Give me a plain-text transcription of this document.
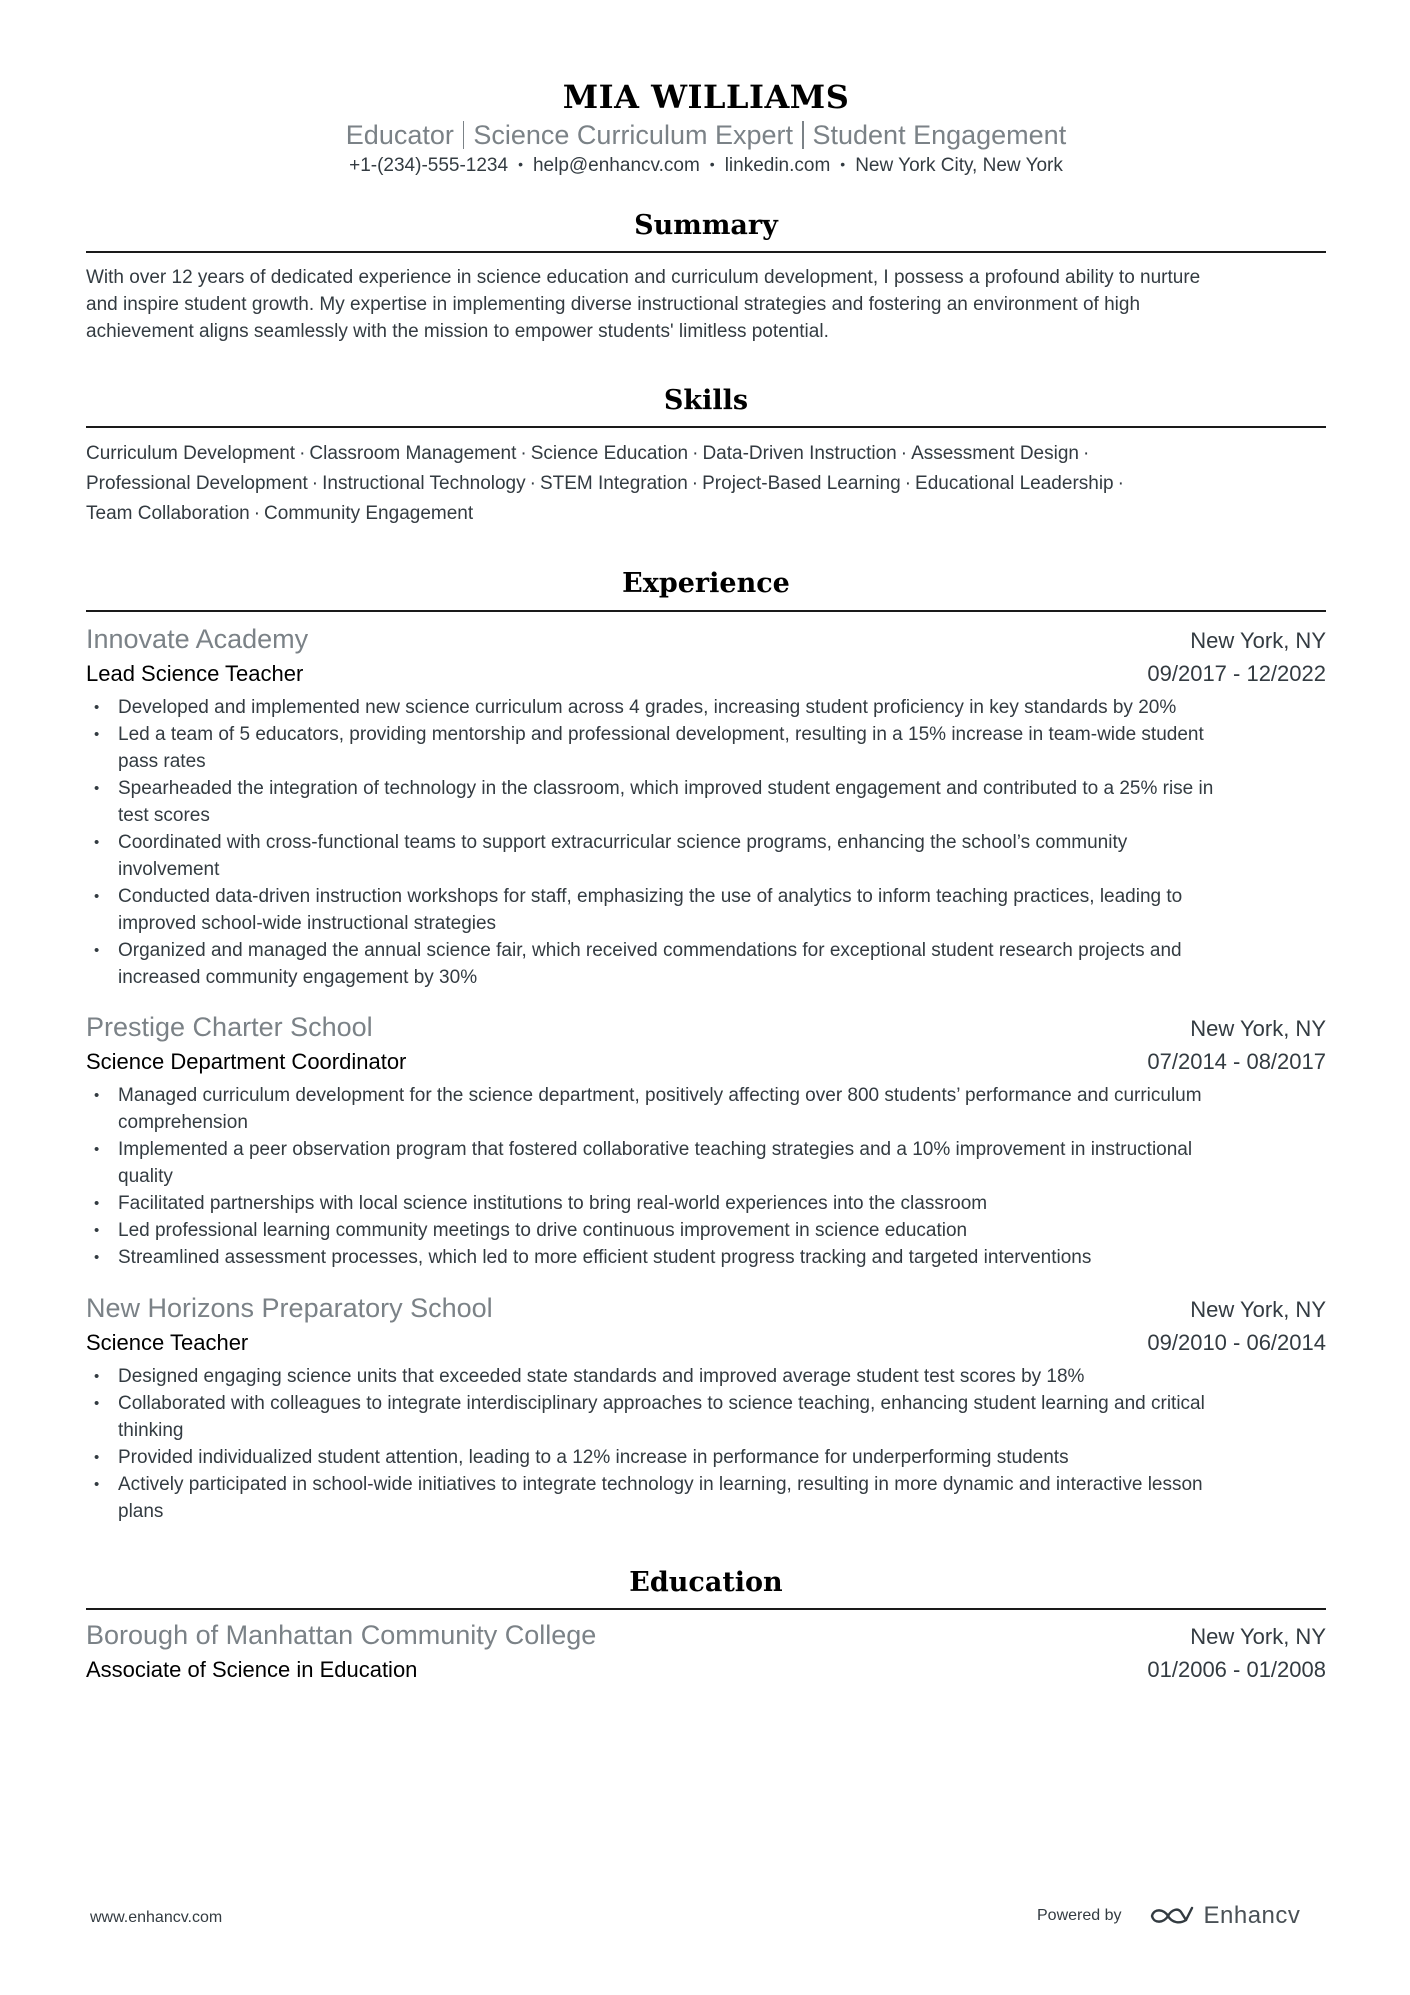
MIA WILLIAMS
Educator Science Curriculum Expert Student Engagement
+1-(234)-555-1234 • help@enhancv.com • linkedin.com • New York City, New York
Summary
With over 12 years of dedicated experience in science education and curriculum development, I possess a profound ability to nurture
and inspire student growth. My expertise in implementing diverse instructional strategies and fostering an environment of high
achievement aligns seamlessly with the mission to empower students' limitless potential.
Skills
Curriculum Development · Classroom Management · Science Education · Data-Driven Instruction · Assessment Design ·
Professional Development · Instructional Technology · STEM Integration · Project-Based Learning · Educational Leadership ·
Team Collaboration · Community Engagement
Experience
Innovate Academy	New York, NY
Lead Science Teacher	09/2017 - 12/2022
• Developed and implemented new science curriculum across 4 grades, increasing student proficiency in key standards by 20%
• Led a team of 5 educators, providing mentorship and professional development, resulting in a 15% increase in team-wide student
pass rates
• Spearheaded the integration of technology in the classroom, which improved student engagement and contributed to a 25% rise in
test scores
• Coordinated with cross-functional teams to support extracurricular science programs, enhancing the school’s community
involvement
• Conducted data-driven instruction workshops for staff, emphasizing the use of analytics to inform teaching practices, leading to
improved school-wide instructional strategies
• Organized and managed the annual science fair, which received commendations for exceptional student research projects and
increased community engagement by 30%
Prestige Charter School	New York, NY
Science Department Coordinator	07/2014 - 08/2017
• Managed curriculum development for the science department, positively affecting over 800 students’ performance and curriculum
comprehension
• Implemented a peer observation program that fostered collaborative teaching strategies and a 10% improvement in instructional
quality
• Facilitated partnerships with local science institutions to bring real-world experiences into the classroom
• Led professional learning community meetings to drive continuous improvement in science education
• Streamlined assessment processes, which led to more efficient student progress tracking and targeted interventions
New Horizons Preparatory School	New York, NY
Science Teacher	09/2010 - 06/2014
• Designed engaging science units that exceeded state standards and improved average student test scores by 18%
• Collaborated with colleagues to integrate interdisciplinary approaches to science teaching, enhancing student learning and critical
thinking
• Provided individualized student attention, leading to a 12% increase in performance for underperforming students
• Actively participated in school-wide initiatives to integrate technology in learning, resulting in more dynamic and interactive lesson
plans
Education
Borough of Manhattan Community College	New York, NY
Associate of Science in Education	01/2006 - 01/2008
www.enhancv.com	Powered by	Enhancv
